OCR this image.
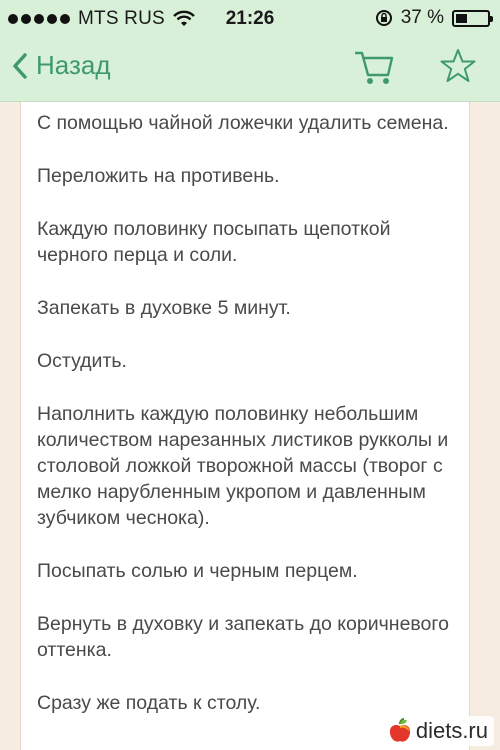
MTS RUS	21:26	37 %
Назад

С помощью чайной ложечки удалить семена.

Переложить на противень.

Каждую половинку посыпать щепоткой черного перца и соли.

Запекать в духовке 5 минут.

Остудить.

Наполнить каждую половинку небольшим количеством нарезанных листиков рукколы и столовой ложкой творожной массы (творог с мелко нарубленным укропом и давленным зубчиком чеснока).

Посыпать солью и черным перцем.

Вернуть в духовку и запекать до коричневого оттенка.

Сразу же подать к столу.

diets.ru
